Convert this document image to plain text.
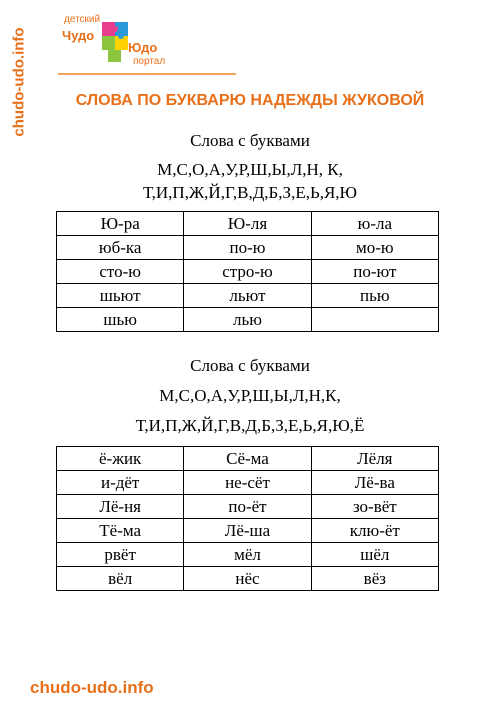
chudo-udo.info
детский
Чудо
Юдо
портал
СЛОВА ПО БУКВАРЮ НАДЕЖДЫ ЖУКОВОЙ
Слова с буквами
М,С,О,А,У,Р,Ш,Ы,Л,Н, К,
Т,И,П,Ж,Й,Г,В,Д,Б,З,Е,Ь,Я,Ю
Ю-ра	Ю-ля	ю-ла
юб-ка	по-ю	мо-ю
сто-ю	стро-ю	по-ют
шьют	льют	пью
шью	лью	
Слова с буквами
М,С,О,А,У,Р,Ш,Ы,Л,Н,К,
Т,И,П,Ж,Й,Г,В,Д,Б,З,Е,Ь,Я,Ю,Ё
ё-жик	Сё-ма	Лёля
и-дёт	не-сёт	Лё-ва
Лё-ня	по-ёт	зо-вёт
Тё-ма	Лё-ша	клю-ёт
рвёт	мёл	шёл
вёл	нёс	вёз
chudo-udo.info
